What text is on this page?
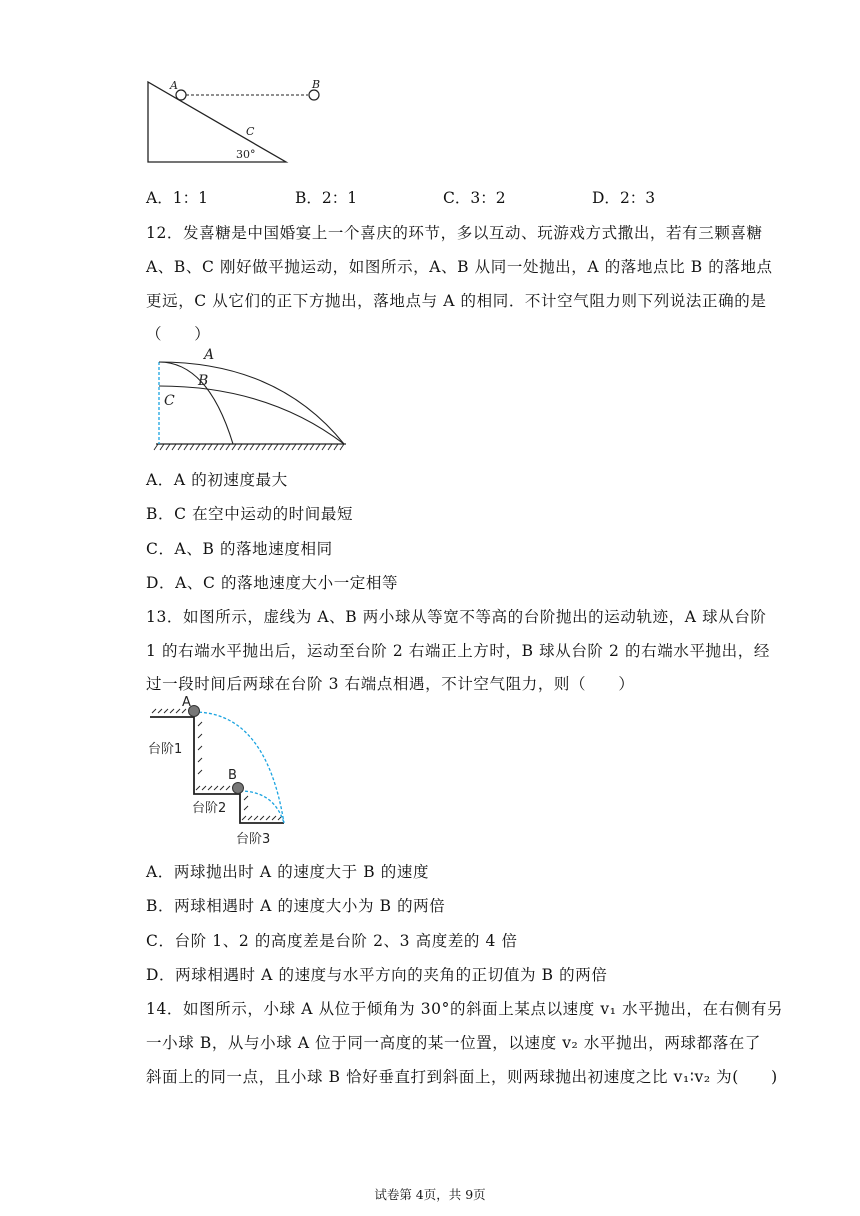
A	B
C
30°
A．1：1	B．2：1	C．3：2	D．2：3
12．发喜糖是中国婚宴上一个喜庆的环节，多以互动、玩游戏方式撒出，若有三颗喜糖
A、B、C 刚好做平抛运动，如图所示，A、B 从同一处抛出，A 的落地点比 B 的落地点
更远，C 从它们的正下方抛出，落地点与 A 的相同．不计空气阻力则下列说法正确的是
（　　）
A
B
C
A．A 的初速度最大
B．C 在空中运动的时间最短
C．A、B 的落地速度相同
D．A、C 的落地速度大小一定相等
13．如图所示，虚线为 A、B 两小球从等宽不等高的台阶抛出的运动轨迹，A 球从台阶
1 的右端水平抛出后，运动至台阶 2 右端正上方时，B 球从台阶 2 的右端水平抛出，经
过一段时间后两球在台阶 3 右端点相遇，不计空气阻力，则（　　）
A
B
台阶1
台阶2
台阶3
A．两球抛出时 A 的速度大于 B 的速度
B．两球相遇时 A 的速度大小为 B 的两倍
C．台阶 1、2 的高度差是台阶 2、3 高度差的 4 倍
D．两球相遇时 A 的速度与水平方向的夹角的正切值为 B 的两倍
14．如图所示，小球 A 从位于倾角为 30°的斜面上某点以速度 v₁ 水平抛出，在右侧有另
一小球 B，从与小球 A 位于同一高度的某一位置，以速度 v₂ 水平抛出，两球都落在了
斜面上的同一点，且小球 B 恰好垂直打到斜面上，则两球抛出初速度之比 v₁∶v₂ 为(　　)
试卷第 4页，共 9页
